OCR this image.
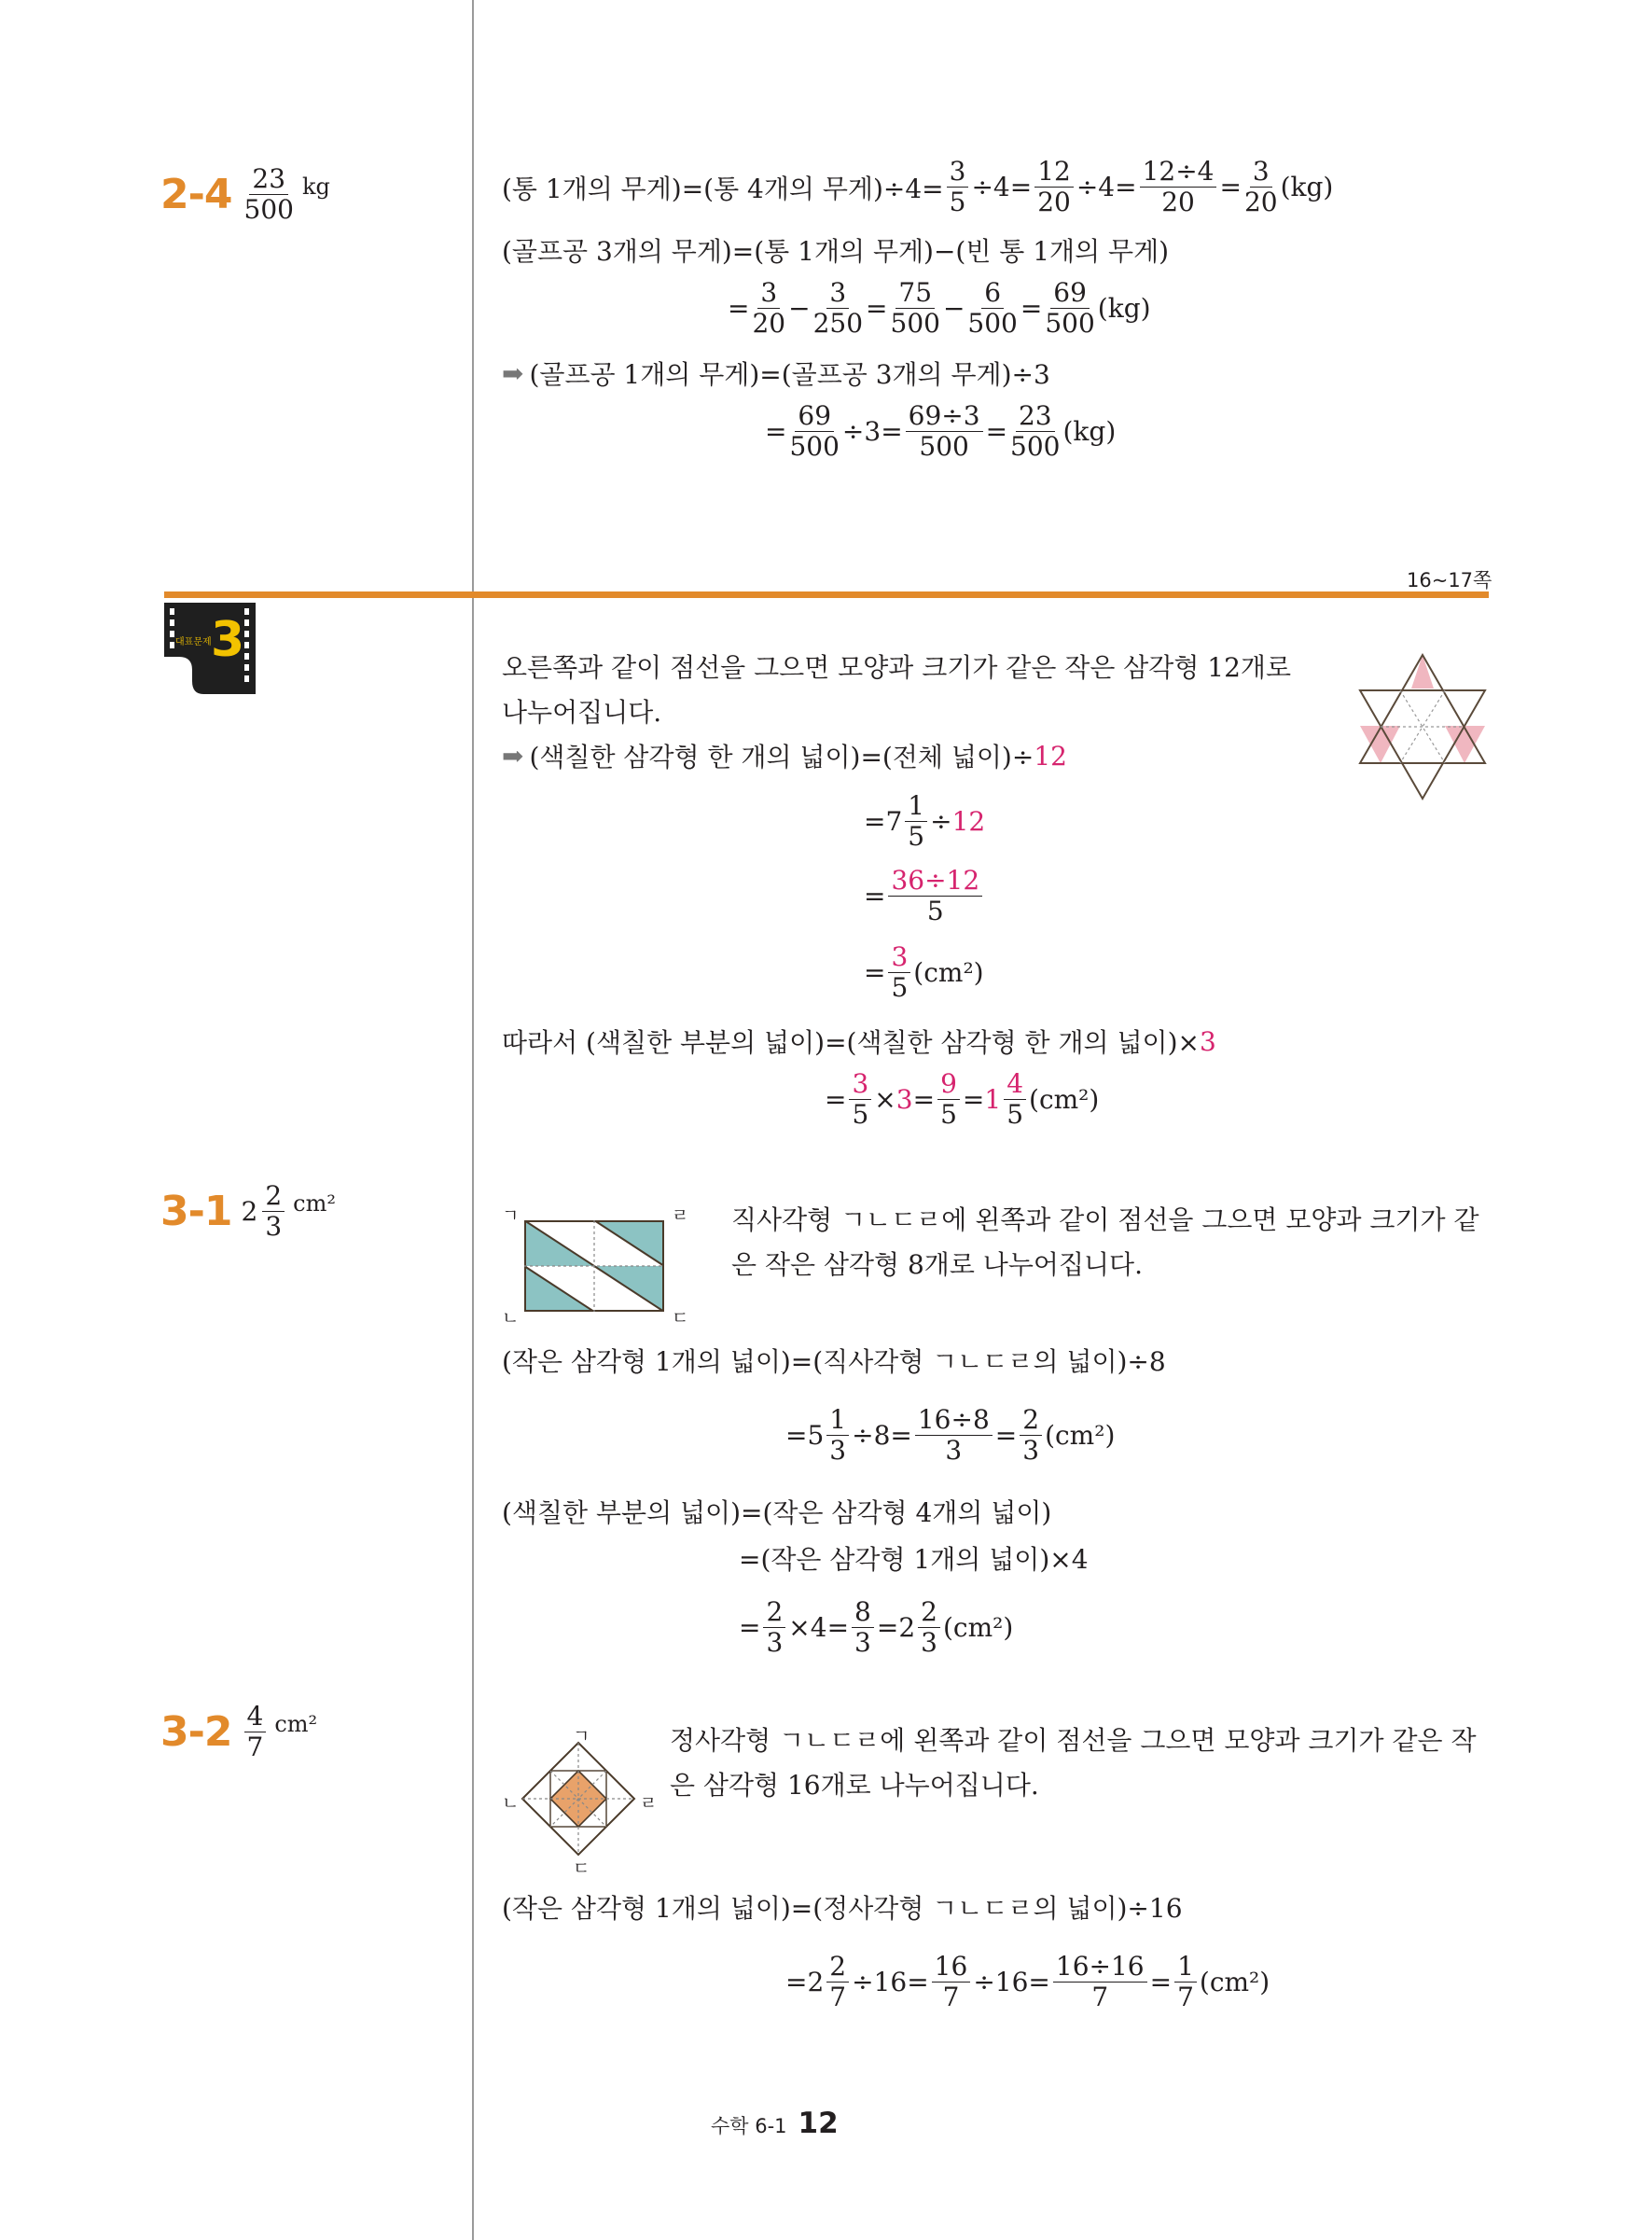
16~17쪽
대표문제 3
$2-4 \frac{23}{500}$ kg
3-1 $2 \frac{2}{3} cm^2$
$3-2 \frac{4}{7} cm^2$
(통 1개의 무게)=(통 4개의 무게)$\div 4= \frac{3}{5} \div 4= \frac{12}{20} \div 4= \frac{12\div 4}{20} = \frac{3}{20} (kg)$
(골프공 3개의 무게)=(통 1개의 무게)−(빈 통 1개의 무게)
= $\frac{3}{20} - \frac{3}{250} = \frac{75}{500} - \frac{6}{500} = \frac{69}{500} (kg)$
➡ (골프공 1개의 무게)=(골프공 3개의 무게)÷3
= $\frac{69}{500} \div 3= \frac{69\div 3}{500} = \frac{23}{500} (kg)$
오른쪽과 같이 점선을 그으면 모양과 크기가 같은 작은 삼각형 12개로
나누어집니다.
➡ (색칠한 삼각형 한 개의 넓이)=(전체 넓이)÷ 12
$=7 \frac{1}{5} \div 12$
= $\frac{36\div 12}{5}$
= $\frac{3}{5} (cm^2)$
따라서 (색칠한 부분의 넓이)=(색칠한 삼각형 한 개의 넓이)× 3
= $\frac{3}{5} \times 3 = \frac{9}{5} = 1 \frac{4}{5} (cm^2)$
ㄱ	ㄹ
ㄴ	ㄷ
직사각형 ㄱㄴㄷㄹ에 왼쪽과 같이 점선을 그으면 모양과 크기가 같
은 작은 삼각형 8개로 나누어집니다.
(작은 삼각형 1개의 넓이)=(직사각형 ㄱㄴㄷㄹ의 넓이)÷8
$=5 \frac{1}{3} \div 8= \frac{16\div 8}{3} = \frac{2}{3} (cm^2)$
(색칠한 부분의 넓이)=(작은 삼각형 4개의 넓이)
=(작은 삼각형 1개의 넓이)×4
= $\frac{2}{3} \times 4= \frac{8}{3} =2 \frac{2}{3} (cm^2)$
ㄱ
ㄴ
ㄷ
ㄹ
정사각형 ㄱㄴㄷㄹ에 왼쪽과 같이 점선을 그으면 모양과 크기가 같은 작
은 삼각형 16개로 나누어집니다.
(작은 삼각형 1개의 넓이)=(정사각형 ㄱㄴㄷㄹ의 넓이)÷16
$=2 \frac{2}{7} \div 16= \frac{16}{7} \div 16= \frac{16\div 16}{7} = \frac{1}{7} (cm^2)$
수학 6-1 12
